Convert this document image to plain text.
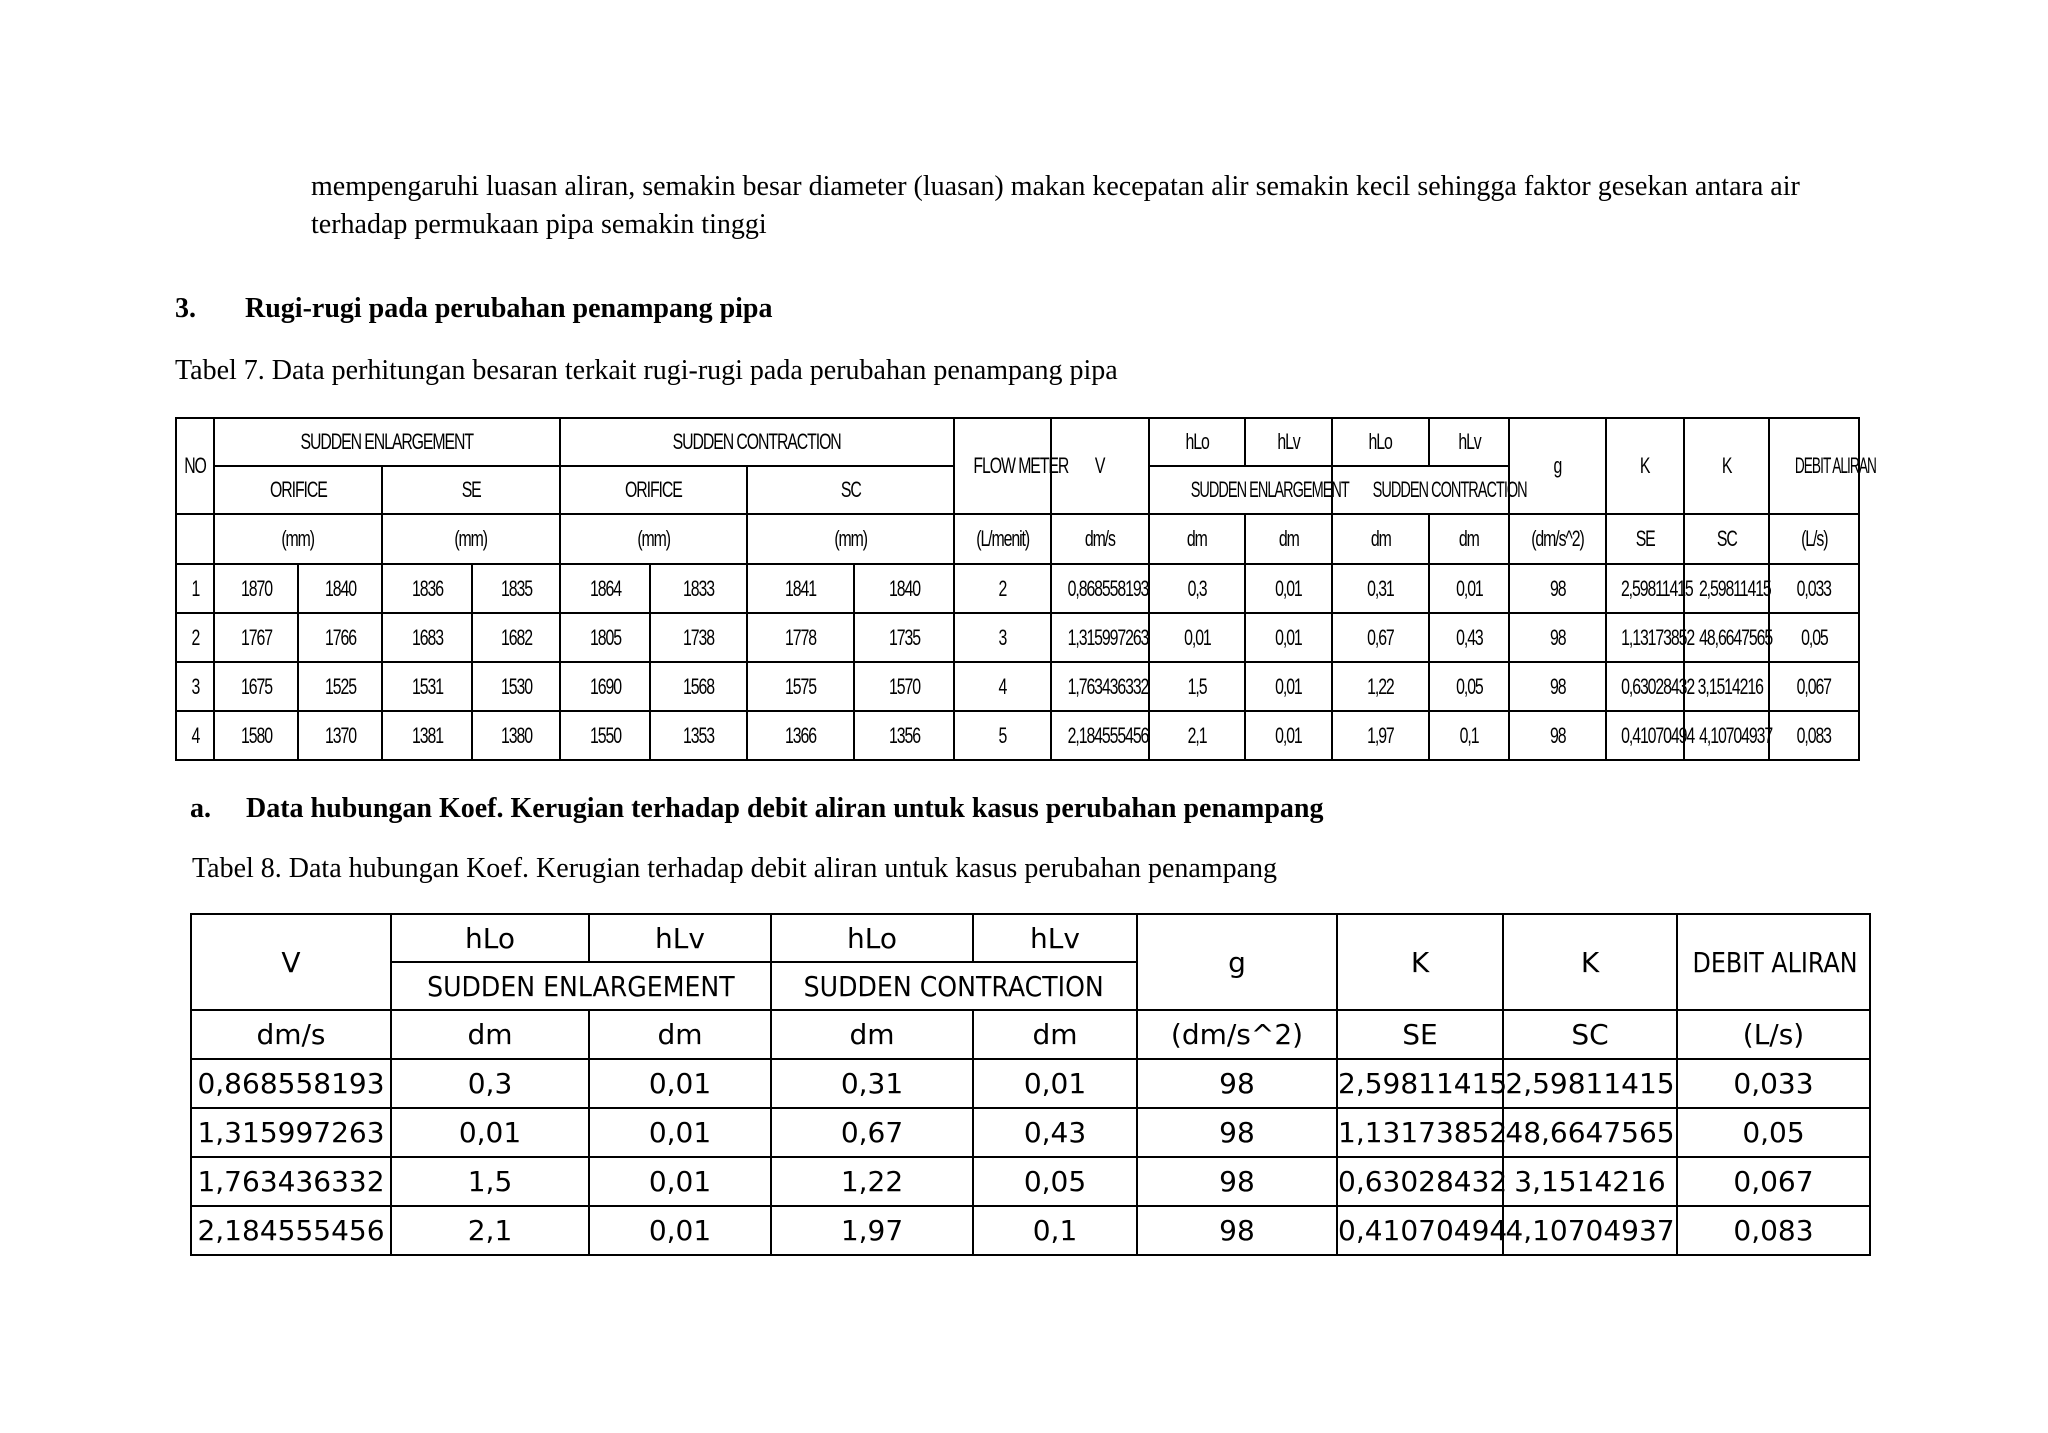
mempengaruhi luasan aliran, semakin besar diameter (luasan) makan kecepatan alir semakin kecil sehingga faktor gesekan antara air
terhadap permukaan pipa semakin tinggi
3. Rugi-rugi pada perubahan penampang pipa
Tabel 7. Data perhitungan besaran terkait rugi-rugi pada perubahan penampang pipa
NO	SUDDEN ENLARGEMENT				SUDDEN CONTRACTION				FLOW METER	V	hLo	hLv	hLo	hLv	g	K	K	DEBIT ALIRAN
	ORIFICE		SE		ORIFICE		SC				SUDDEN ENLARGEMENT		SUDDEN CONTRACTION					
	(mm)		(mm)		(mm)		(mm)		(L/menit)	dm/s	dm	dm	dm	dm	(dm/s^2)	SE	SC	(L/s)
1	1870	1840	1836	1835	1864	1833	1841	1840	2	0,868558193	0,3	0,01	0,31	0,01	98	2,59811415	2,59811415	0,033
2	1767	1766	1683	1682	1805	1738	1778	1735	3	1,315997263	0,01	0,01	0,67	0,43	98	1,13173852	48,6647565	0,05
3	1675	1525	1531	1530	1690	1568	1575	1570	4	1,763436332	1,5	0,01	1,22	0,05	98	0,63028432	3,1514216	0,067
4	1580	1370	1381	1380	1550	1353	1366	1356	5	2,184555456	2,1	0,01	1,97	0,1	98	0,41070494	4,10704937	0,083
a. Data hubungan Koef. Kerugian terhadap debit aliran untuk kasus perubahan penampang
Tabel 8. Data hubungan Koef. Kerugian terhadap debit aliran untuk kasus perubahan penampang
V	hLo	hLv	hLo	hLv	g	K	K	DEBIT ALIRAN
	SUDDEN ENLARGEMENT		SUDDEN CONTRACTION					
dm/s	dm	dm	dm	dm	(dm/s^2)	SE	SC	(L/s)
0,868558193	0,3	0,01	0,31	0,01	98	2,59811415	2,59811415	0,033
1,315997263	0,01	0,01	0,67	0,43	98	1,13173852	48,6647565	0,05
1,763436332	1,5	0,01	1,22	0,05	98	0,63028432	3,1514216	0,067
2,184555456	2,1	0,01	1,97	0,1	98	0,41070494	4,10704937	0,083
